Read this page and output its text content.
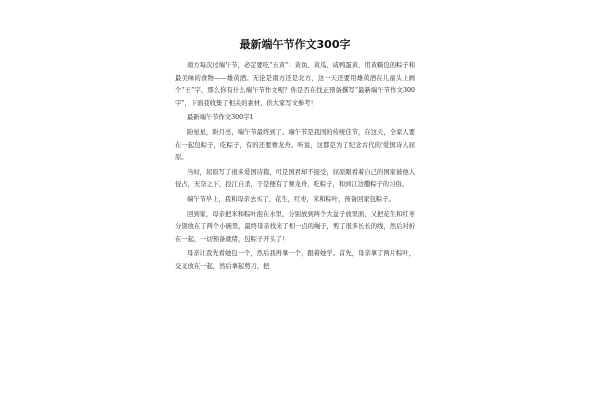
最新端午节作文300字

南方每次过端午节，必定要吃“五黄”：黄鱼、黄瓜、咸鸭蛋黄、用黄糯包的粽子和最美味的食物——雄黄酒。无论是南方还是北方，这一天还要用雄黄酒在儿童头上画个“王”字，那么你有什么端午节作文呢？你是否在找正预备撰写“最新端午节作文300字”，下面我收集了相关的素材，供大家写文参考！

最新端午节作文300字1

盼星星，盼月亮，端午节最终到了。端午节是我国的传统佳节，在这天，全家人要在一起包粽子，吃粽子，有的还要赛龙舟。听说，这都是为了纪念古代的'爱国诗人屈原。

当时，屈原写了很多爱国诗篇，可是国君却不接受，屈原眼看着自己的国家被他人侵占，无奈之下，投江自杀，于是便有了赛龙舟，吃粽子，和到江边撒粽子的习俗。

端午节早上，我和母亲去买了，花生，红枣，米和粽叶，预备回家包粽子。

回到家，母亲把米和粽叶泡在水里，分别放到两个大盆子放里面，又把花生和红枣分别放在了两个小碗里，最终母亲找来了相一点的绳子，剪了很多长长的线，然后对折在一起，一切预备就绪，包粽子开头了！

母亲让我先看她包一个，然后我再拿一个，跟着她学。首先，母亲拿了两片粽叶，交叉放在一起，然后拿起剪刀，把
